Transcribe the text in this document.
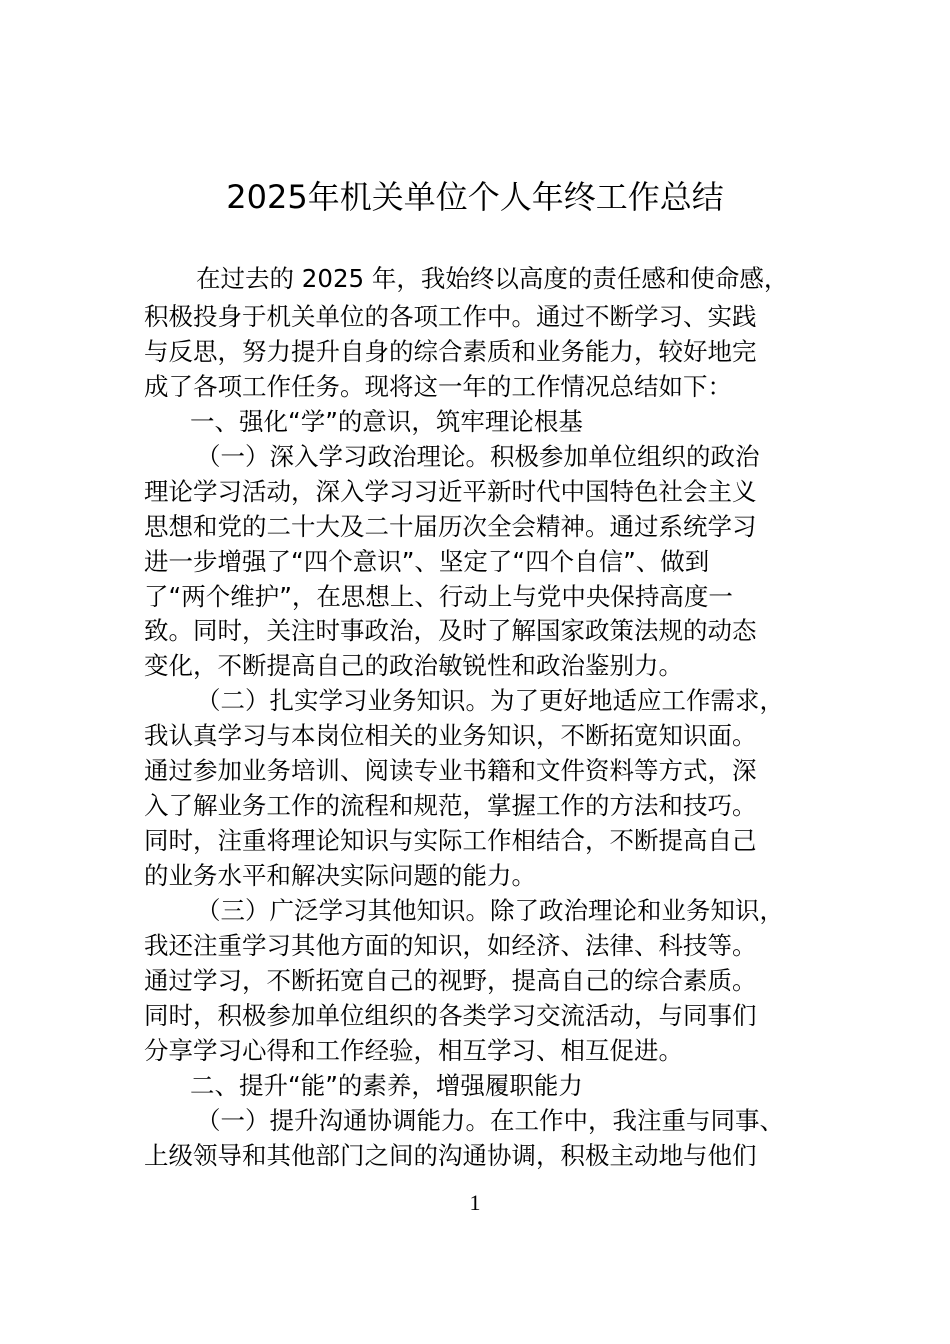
2025年机关单位个人年终工作总结
在过去的 2025 年，我始终以高度的责任感和使命感，
积极投身于机关单位的各项工作中。通过不断学习、实践
与反思，努力提升自身的综合素质和业务能力，较好地完
成了各项工作任务。现将这一年的工作情况总结如下：
一、强化“学”的意识，筑牢理论根基
（一）深入学习政治理论。积极参加单位组织的政治
理论学习活动，深入学习习近平新时代中国特色社会主义
思想和党的二十大及二十届历次全会精神。通过系统学习
进一步增强了“四个意识”、坚定了“四个自信”、做到
了“两个维护”，在思想上、行动上与党中央保持高度一
致。同时，关注时事政治，及时了解国家政策法规的动态
变化，不断提高自己的政治敏锐性和政治鉴别力。
（二）扎实学习业务知识。为了更好地适应工作需求，
我认真学习与本岗位相关的业务知识，不断拓宽知识面。
通过参加业务培训、阅读专业书籍和文件资料等方式，深
入了解业务工作的流程和规范，掌握工作的方法和技巧。
同时，注重将理论知识与实际工作相结合，不断提高自己
的业务水平和解决实际问题的能力。
（三）广泛学习其他知识。除了政治理论和业务知识，
我还注重学习其他方面的知识，如经济、法律、科技等。
通过学习，不断拓宽自己的视野，提高自己的综合素质。
同时，积极参加单位组织的各类学习交流活动，与同事们
分享学习心得和工作经验，相互学习、相互促进。
二、提升“能”的素养，增强履职能力
（一）提升沟通协调能力。在工作中，我注重与同事、
上级领导和其他部门之间的沟通协调，积极主动地与他们
1
